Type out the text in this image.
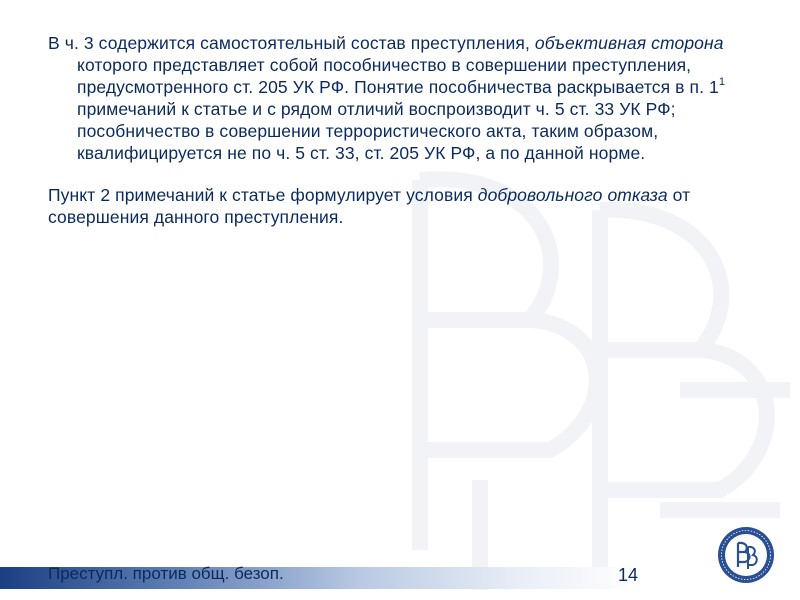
В ч. 3 содержится самостоятельный состав преступления, объективная сторона которого представляет собой пособничество в совершении преступления, предусмотренного ст. 205 УК РФ. Понятие пособничества раскрывается в п. $1^1$ примечаний к статье и с рядом отличий воспроизводит ч. 5 ст. 33 УК РФ; пособничество в совершении террористического акта, таким образом, квалифицируется не по ч. 5 ст. 33, ст. 205 УК РФ, а по данной норме.

Пункт 2 примечаний к статье формулирует условия добровольного отказа от совершения данного преступления.

Преступл. против общ. безоп.	14
